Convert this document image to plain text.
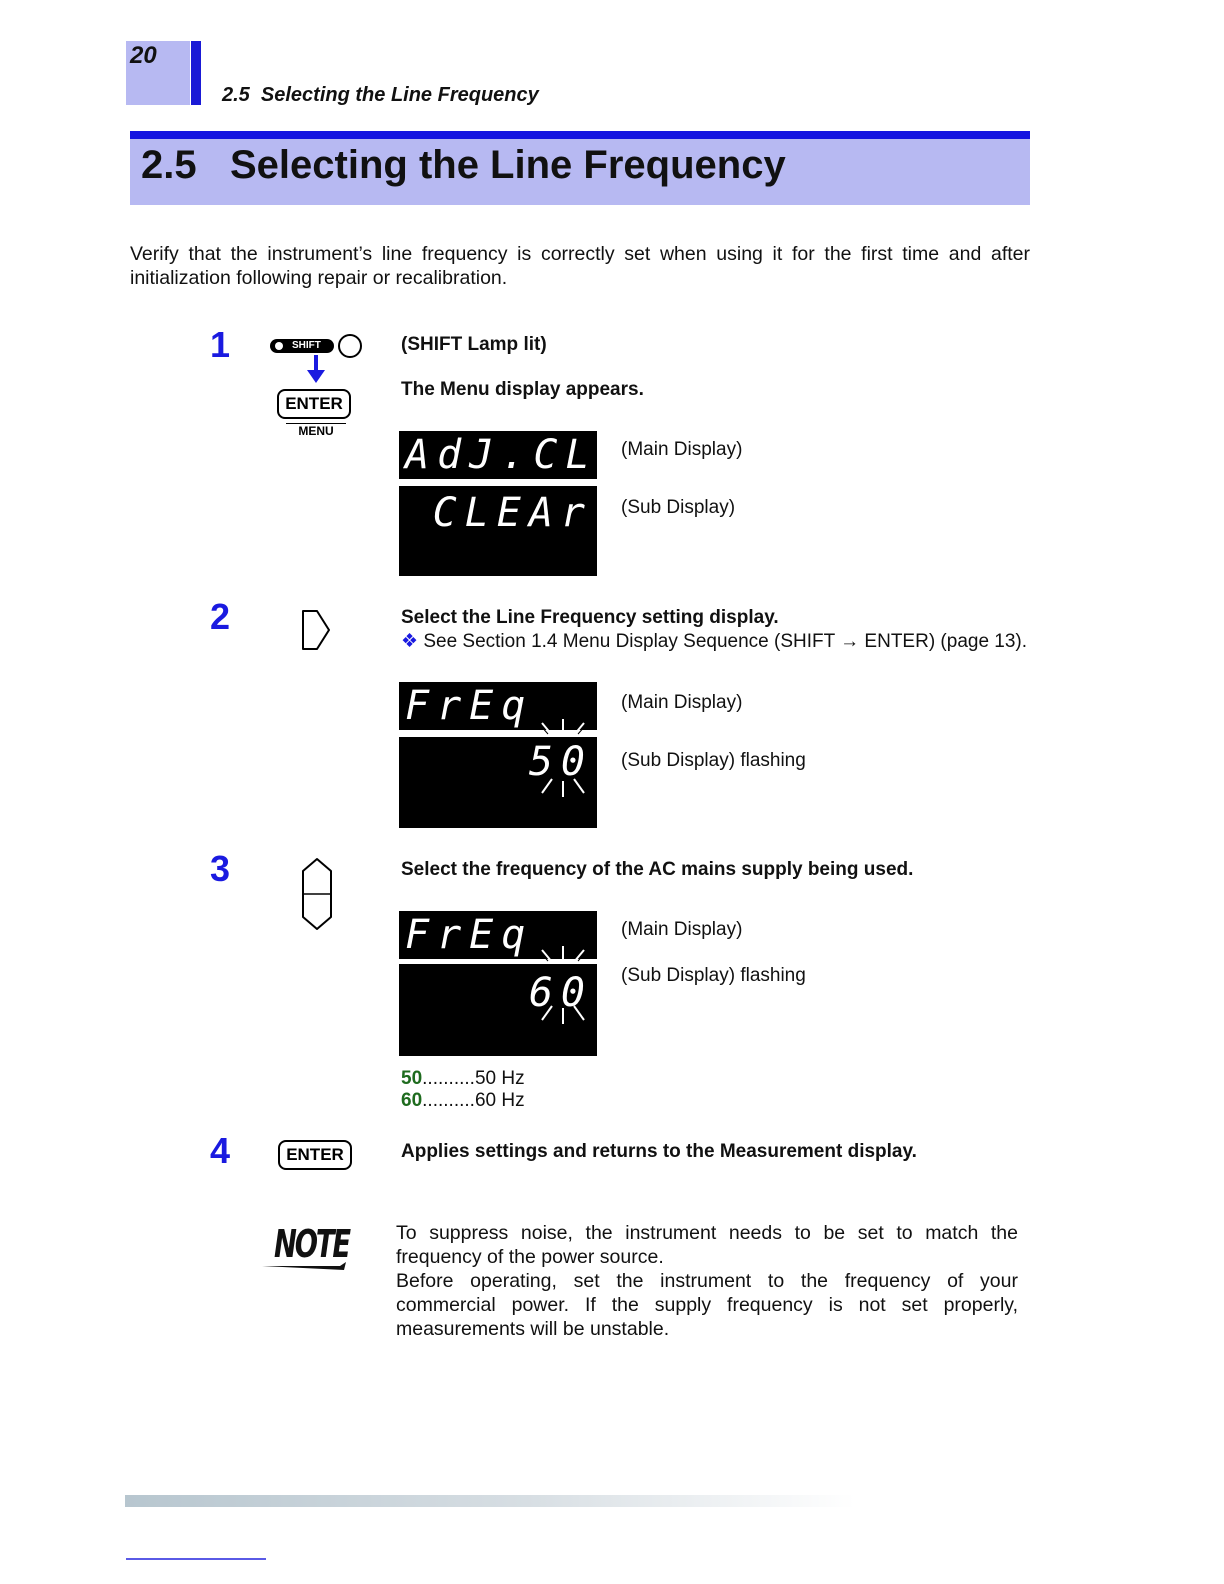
20
2.5  Selecting the Line Frequency
2.5 Selecting the Line Frequency
Verify that the instrument’s line frequency is correctly set when using it for the first time and after initialization following repair or recalibration.
1	SHIFT
ENTER
MENU
(SHIFT Lamp lit)
The Menu display appears.
AdJ.CLr
CLEAr
(Main Display)
(Sub Display)
2	Select the Line Frequency setting display.
❖ See Section 1.4 Menu Display Sequence (SHIFT → ENTER) (page 13).
FrEq
50
(Main Display)
(Sub Display) flashing
3	Select the frequency of the AC mains supply being used.
FrEq
60
(Main Display)
(Sub Display) flashing
50..........50 Hz
60..........60 Hz
4	ENTER	Applies settings and returns to the Measurement display.
NOTE To suppress noise, the instrument needs to be set to match the frequency of the power source.
Before operating, set the instrument to the frequency of your commercial power. If the supply frequency is not set properly, measurements will be unstable.
